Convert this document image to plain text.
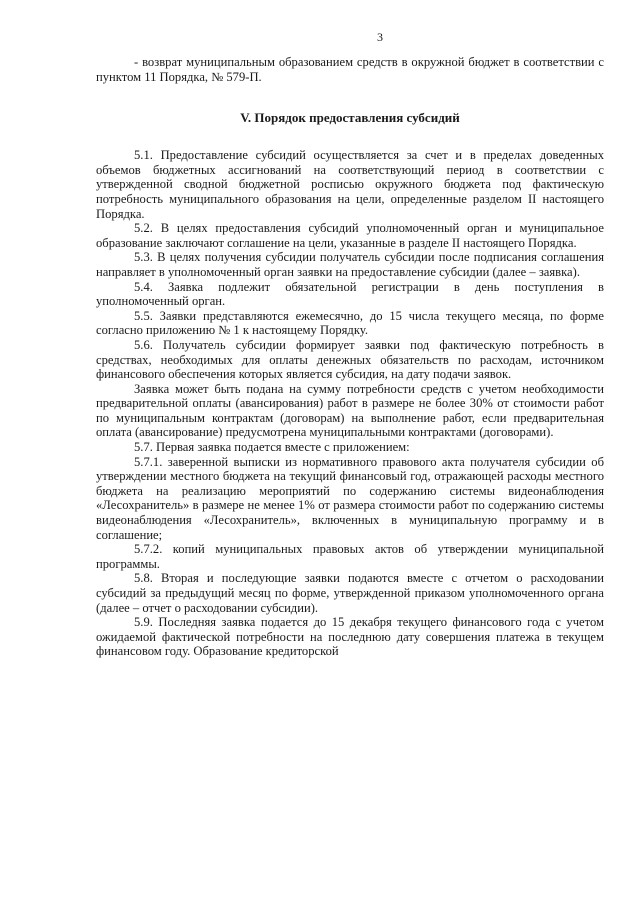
3

- возврат муниципальным образованием средств в окружной бюджет в соответствии с пунктом 11 Порядка, № 579-П.

V. Порядок предоставления субсидий

5.1. Предоставление субсидий осуществляется за счет и в пределах доведенных объемов бюджетных ассигнований на соответствующий период в соответствии с утвержденной сводной бюджетной росписью окружного бюджета под фактическую потребность муниципального образования на цели, определенные разделом II настоящего Порядка.

5.2. В целях предоставления субсидий уполномоченный орган и муниципальное образование заключают соглашение на цели, указанные в разделе II настоящего Порядка.

5.3. В целях получения субсидии получатель субсидии после подписания соглашения направляет в уполномоченный орган заявки на предоставление субсидии (далее – заявка).

5.4. Заявка подлежит обязательной регистрации в день поступления в уполномоченный орган.

5.5. Заявки представляются ежемесячно, до 15 числа текущего месяца, по форме согласно приложению № 1 к настоящему Порядку.

5.6. Получатель субсидии формирует заявки под фактическую потребность в средствах, необходимых для оплаты денежных обязательств по расходам, источником финансового обеспечения которых является субсидия, на дату подачи заявок.

Заявка может быть подана на сумму потребности средств с учетом необходимости предварительной оплаты (авансирования) работ в размере не более 30% от стоимости работ по муниципальным контрактам (договорам) на выполнение работ, если предварительная оплата (авансирование) предусмотрена муниципальными контрактами (договорами).

5.7. Первая заявка подается вместе с приложением:

5.7.1. заверенной выписки из нормативного правового акта получателя субсидии об утверждении местного бюджета на текущий финансовый год, отражающей расходы местного бюджета на реализацию мероприятий по содержанию системы видеонаблюдения «Лесохранитель» в размере не менее 1% от размера стоимости работ по содержанию системы видеонаблюдения «Лесохранитель», включенных в муниципальную программу и в соглашение;

5.7.2. копий муниципальных правовых актов об утверждении муниципальной программы.

5.8. Вторая и последующие заявки подаются вместе с отчетом о расходовании субсидий за предыдущий месяц по форме, утвержденной приказом уполномоченного органа (далее – отчет о расходовании субсидии).

5.9. Последняя заявка подается до 15 декабря текущего финансового года с учетом ожидаемой фактической потребности на последнюю дату совершения платежа в текущем финансовом году. Образование кредиторской
